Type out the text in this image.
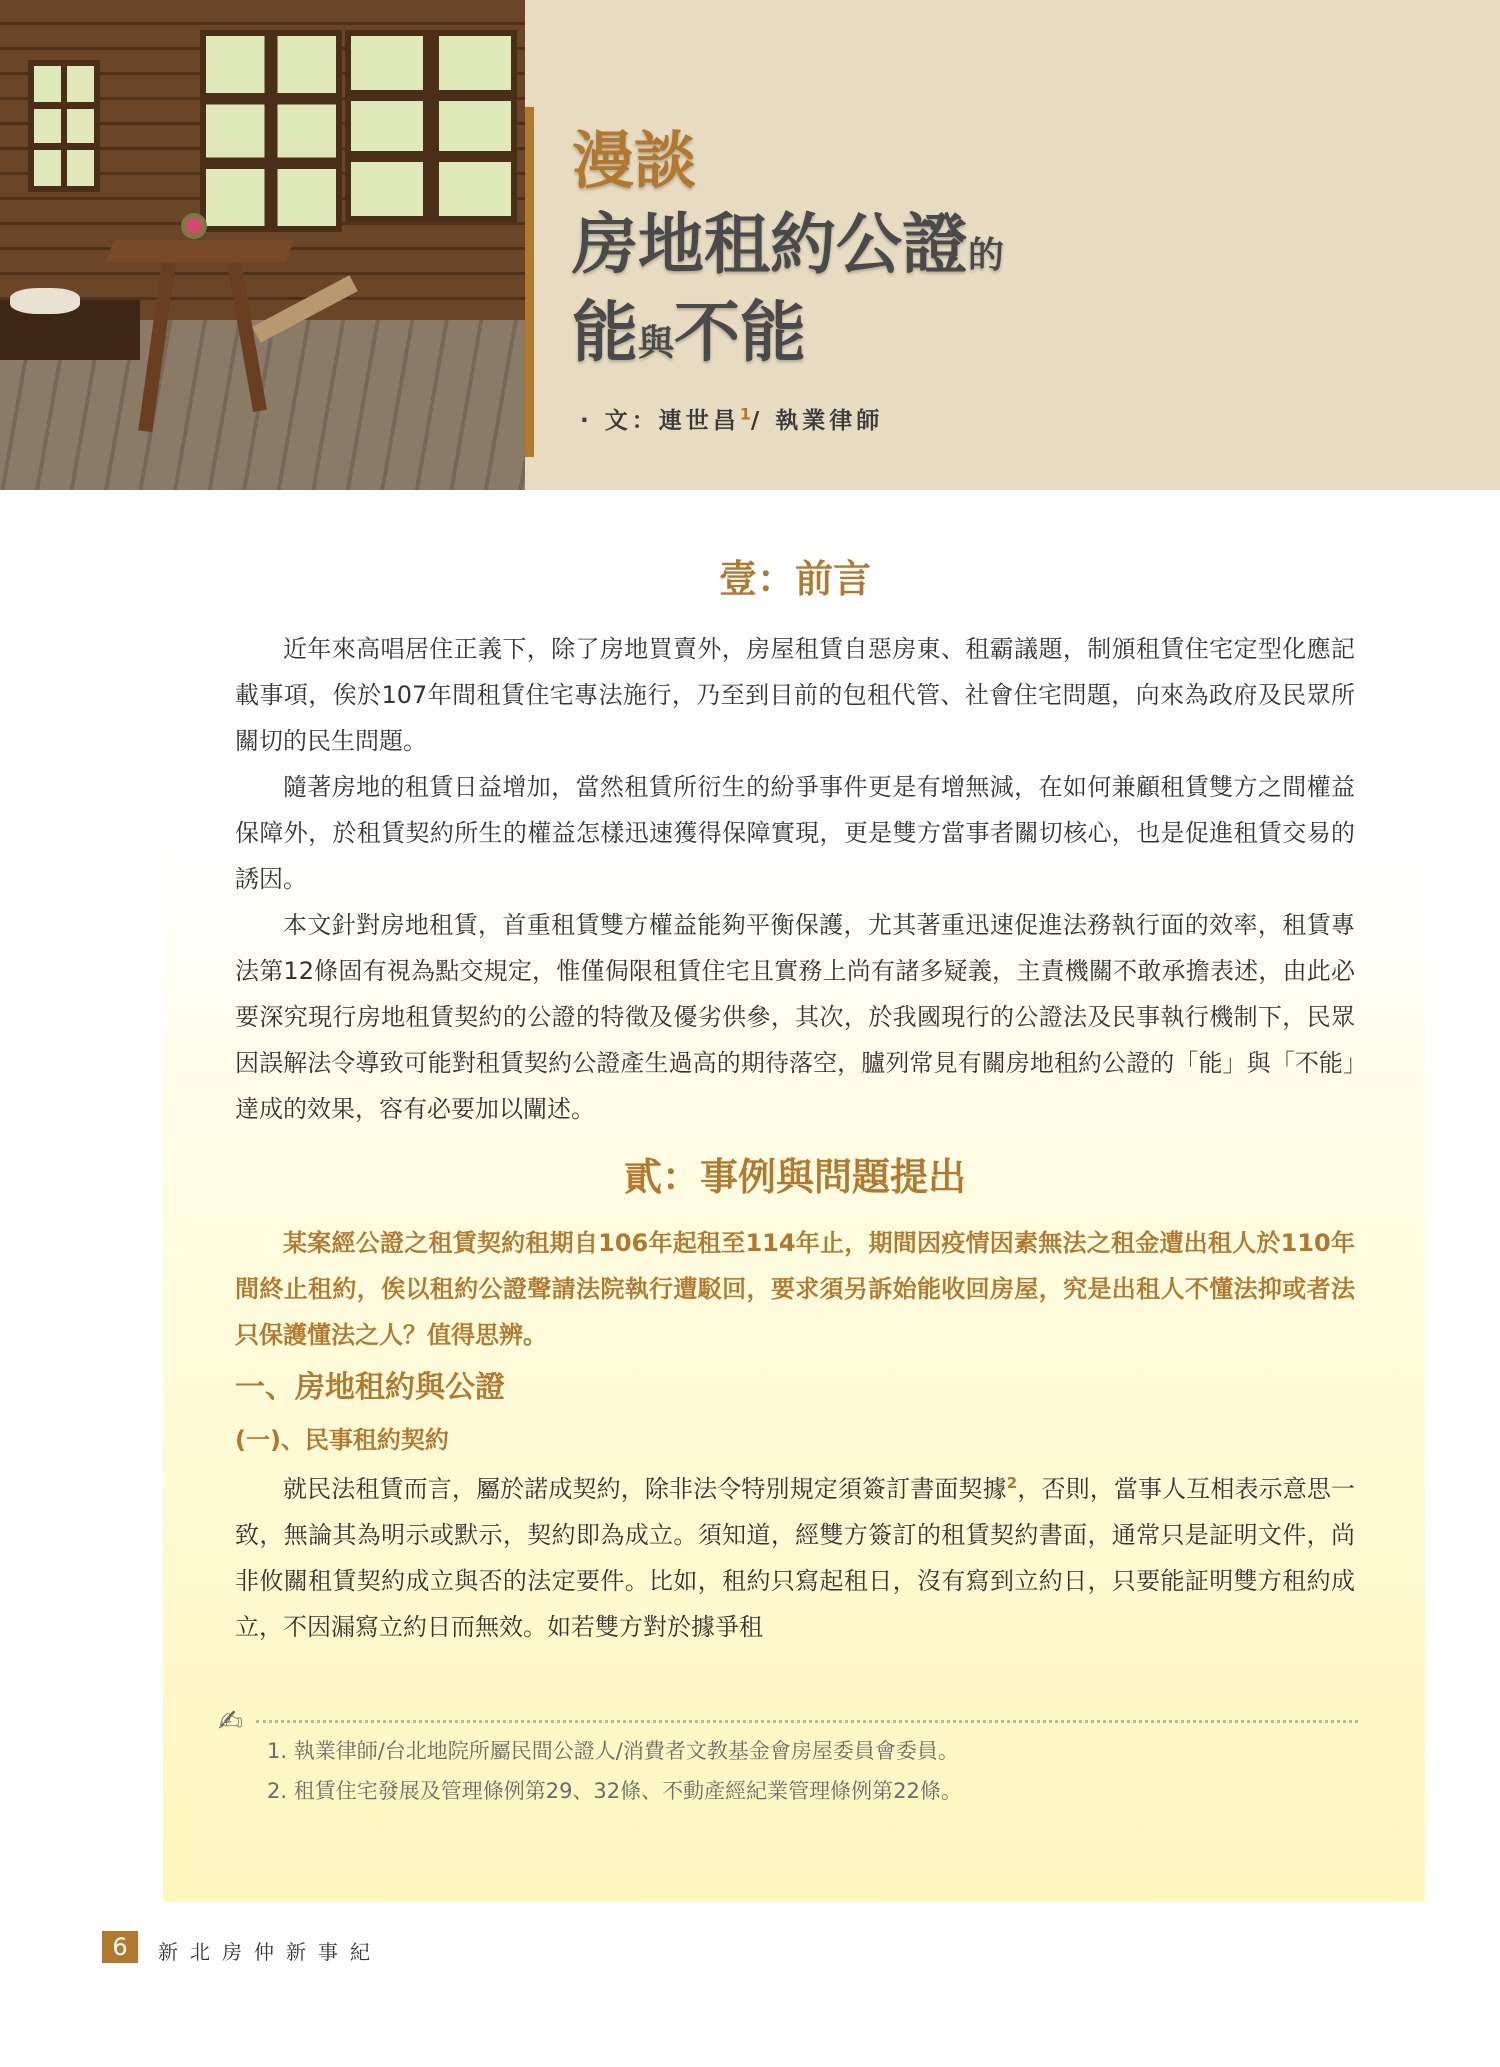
漫談
房地租約公證的
能與不能
· 文：連世昌$^1$/ 執業律師
壹：前言

近年來高唱居住正義下，除了房地買賣外，房屋租賃自惡房東、租霸議題，制頒租賃住宅定型化應記載事項，俟於107年間租賃住宅專法施行，乃至到目前的包租代管、社會住宅問題，向來為政府及民眾所關切的民生問題。

隨著房地的租賃日益增加，當然租賃所衍生的紛爭事件更是有增無減，在如何兼顧租賃雙方之間權益保障外，於租賃契約所生的權益怎樣迅速獲得保障實現，更是雙方當事者關切核心，也是促進租賃交易的誘因。

本文針對房地租賃，首重租賃雙方權益能夠平衡保護，尤其著重迅速促進法務執行面的效率，租賃專法第12條固有視為點交規定，惟僅侷限租賃住宅且實務上尚有諸多疑義，主責機關不敢承擔表述，由此必要深究現行房地租賃契約的公證的特徵及優劣供參，其次，於我國現行的公證法及民事執行機制下，民眾因誤解法令導致可能對租賃契約公證產生過高的期待落空，臚列常見有關房地租約公證的「能」與「不能」達成的效果，容有必要加以闡述。

貳：事例與問題提出

某案經公證之租賃契約租期自106年起租至114年止，期間因疫情因素無法之租金遭出租人於110年間終止租約，俟以租約公證聲請法院執行遭駁回，要求須另訴始能收回房屋，究是出租人不懂法抑或者法只保護懂法之人？值得思辨。

一、房地租約與公證
(一)、民事租約契約

就民法租賃而言，屬於諾成契約，除非法令特別規定須簽訂書面契據$^2$，否則，當事人互相表示意思一致，無論其為明示或默示，契約即為成立。須知道，經雙方簽訂的租賃契約書面，通常只是証明文件，尚非攸關租賃契約成立與否的法定要件。比如，租約只寫起租日，沒有寫到立約日，只要能証明雙方租約成立，不因漏寫立約日而無效。如若雙方對於據爭租

✍
1. 執業律師/台北地院所屬民間公證人/消費者文教基金會房屋委員會委員。
2. 租賃住宅發展及管理條例第29、32條、不動產經紀業管理條例第22條。
6	新北房仲新事紀
